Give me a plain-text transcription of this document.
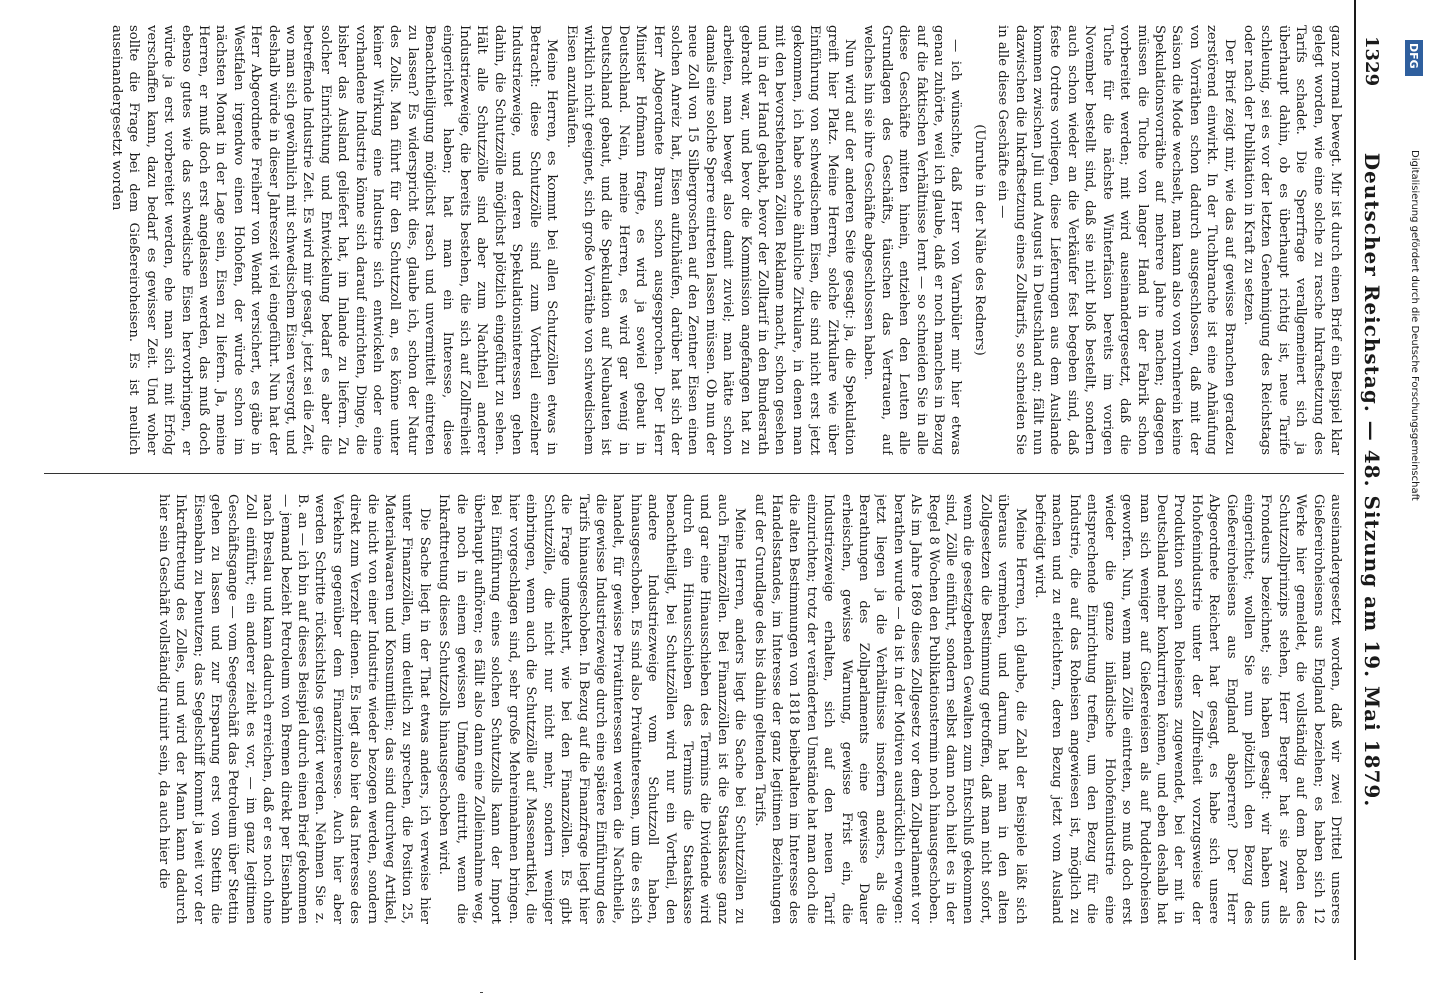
1329
Deutscher Reichstag. — 48. Sitzung am 19. Mai 1879.

ganz normal bewegt. Mir ist durch einen Brief ein Beispiel klar gelegt worden, wie eine solche zu rasche Inkraftsetzung des Tarifs schadet. Die Sperrfrage verallgemeinert sich ja überhaupt dahin, ob es überhaupt richtig ist, neue Tarife schleunig, sei es vor der letzten Genehmigung des Reichstags oder nach der Publikation in Kraft zu setzen.

Der Brief zeigt mir, wie das auf gewisse Branchen geradezu zerstörend einwirkt. In der Tuchbranche ist eine Anhäufung von Vorräthen schon dadurch ausgeschlossen, daß mit der Saison die Mode wechselt, man kann also von vornherein keine Spekulationsvorräthe auf mehrere Jahre machen; dagegen müssen die Tuche von langer Hand in der Fabrik schon vorbereitet werden; mit wird auseinandergesetzt, daß die Tuche für die nächste Winterfaison bereits im vorigen November bestellt sind, daß sie nicht bloß bestellt, sondern auch schon wieder an die Verkäufer fest begeben sind, daß feste Ordres vorliegen, diese Lieferungen aus dem Auslande kommen zwischen Juli und August in Deutschland an; fällt nun dazwischen die Inkraftsetzung eines Zolltarifs, so schneiden Sie in alle diese Geschäfte ein —

(Unruhe in der Nähe des Redners)

— ich wünschte, daß Herr von Varnbüler mir hier etwas genau zuhörte, weil ich glaube, daß er noch manches in Bezug auf die faktischen Verhältnisse lernt — so schneiden Sie in alle diese Geschäfte mitten hinein, entziehen den Leuten alle Grundlagen des Geschäfts, täuschen das Vertrauen, auf welches hin sie ihre Geschäfte abgeschlossen haben.

Nun wird auf der anderen Seite gesagt: ja, die Spekulation greift hier Platz. Meine Herren, solche Zirkulare wie über Einführung von schwedischem Eisen, die sind nicht erst jetzt gekommen, ich habe solche ähnliche Zirkulare, in denen man mit den bevorstehenden Zöllen Reklame macht, schon gesehen und in der Hand gehabt, bevor der Zolltarif in den Bundesrath gebracht war, und bevor die Kommission angefangen hat zu arbeiten, man bewegt also damit zuviel; man hätte schon damals eine solche Sperre eintreten lassen müssen. Ob nun der neue Zoll von 15 Silbergroschen auf den Zentner Eisen einen solchen Anreiz hat, Eisen aufzuhäufen, darüber hat sich der Herr Abgeordnete Braun schon ausgesprochen. Der Herr Minister Hofmann fragte, es wird ja sowiel gebaut in Deutschland. Nein, meine Herren, es wird gar wenig in Deutschland gebaut, und die Spekulation auf Neubauten ist wirklich nicht geeignet, sich große Vorräthe von schwedischem Eisen anzuhäufen.

Meine Herren, es kommt bei allen Schutzzöllen etwas in Betracht: diese Schutzzölle sind zum Vortheil einzelner Industriezweige, und deren Spekulationsinteressen gehen dahin, die Schutzzölle möglichst plötzlich eingeführt zu sehen. Hält alle Schutzzölle sind aber zum Nachtheil anderer Industriezweige, die bereits bestehen, die sich auf Zollfreiheit eingerichtet haben; hat man ein Interesse, diese Benachtheiligung möglichst rasch und unvermittelt eintreten zu lassen? Es widerspricht dies, glaube ich, schon der Natur des Zolls. Man führt für den Schutzzoll an, es könne unter keiner Wirkung eine Industrie sich entwickeln oder eine vorhandene Industrie könne sich darauf einrichten, Dinge, die bisher das Ausland geliefert hat, im Inlande zu liefern. Zu solcher Einrichtung und Entwickelung bedarf es aber die betreffende Industrie Zeit. Es wird mir gesagt, jetzt sei die Zeit, wo man sich gewöhnlich mit schwedischem Eisen versorgt, und deshalb würde in dieser Jahreszeit viel eingeführt. Nun hat der Herr Abgeordnete Freiherr von Wendt versichert, es gäbe in Westfalen irgendwo einen Hohofen, der würde schon im nächsten Monat in der Lage sein, Eisen zu liefern. Ja, meine Herren, er muß doch erst angelassen werden, das muß doch ebenso gutes wie das schwedische Eisen hervorbringen, er würde ja erst vorbereitet werden, ehe man sich mit Erfolg verschaffen kann, dazu bedarf es gewisser Zeit. Und woher sollte die Frage bei dem Gießereiroheisen. Es ist neulich auseinandergesetzt worden

auseinandergesetzt worden, daß wir zwei Drittel unseres Gießereiroheisens aus England beziehen; es haben sich 12 Werke hier gemeldet, die vollständig auf dem Boden des Schutzzollprinzips stehen, Herr Berger hat sie zwar als Frondeurs bezeichnet; sie haben gesagt: wir haben uns eingerichtet; wollen Sie nun plötzlich den Bezug des Gießereiroheisens aus England absperren? Der Herr Abgeordnete Reichert hat gesagt, es habe sich unsere Hohofenindustrie unter der Zollfreiheit vorzugsweise der Produktion solchen Roheisens zugewendet, bei der mit in Deutschland mehr konkurriren können, und eben deshalb hat man sich weniger auf Gießereieisen als auf Puddelroheisen geworfen. Nun, wenn man Zölle eintreten, so muß doch erst wieder die ganze inländische Hohofenindustrie eine entsprechende Einrichtung treffen, um den Bezug für die Industrie, die auf das Roheisen angewiesen ist, möglich zu machen und zu erleichtern, deren Bezug jetzt vom Ausland befriedigt wird.

Meine Herren, ich glaube, die Zahl der Beispiele läßt sich überaus vermehren, und darum hat man in den alten Zollgesetzen die Bestimmung getroffen, daß man nicht sofort, wenn die gesetzgebenden Gewalten zum Entschluß gekommen sind, Zölle einführt, sondern selbst dann noch hielt es in der Regel 8 Wochen den Publikationstermin noch hinausgeschoben. Als im Jahre 1869 dieses Zollgesetz vor dem Zollparlament vor berathen wurde — da ist in der Motiven ausdrücklich erwogen: jetzt liegen ja die Verhältnisse insofern anders, als die Berathungen des Zollparlaments eine gewisse Dauer erheischen, gewisse Warnung, gewisse Frist ein, die Industriezweige erhalten, sich auf den neuen Tarif einzurichten; trotz der veränderten Umstände hat man doch die die alten Bestimmungen von 1818 beibehalten im Interesse des Handelsstandes, im Interesse der ganz legitimen Beziehungen auf der Grundlage des bis dahin geltenden Tarifs.

Meine Herren, anders liegt die Sache bei Schutzzöllen zu auch Finanzzöllen. Bei Finanzzöllen ist die Staatskasse ganz und gar eine Hinausschieben des Termins die Dividende wird durch ein Hinausschieben des Termins die Staatskasse benachtheiligt, bei Schutzzöllen wird nur ein Vortheil, den andere Industriezweige vom Schutzzoll haben, hinausgeschoben. Es sind also Privatinteressen, um die es sich handelt, für gewisse Privatinteressen werden die Nachtheile, die gewisse Industriezweige durch eine spätere Einführung des Tarifs hinausgeschoben. In Bezug auf die Finanzfrage liegt hier die Frage umgekehrt, wie bei den Finanzzöllen. Es gibt Schutzzölle, die nicht nur nicht mehr, sondern weniger einbringen, wenn auch die Schutzzölle auf Massenartikel, die hier vorgeschlagen sind, sehr große Mehreinnahmen bringen. Bei Einführung eines solchen Schutzzolls kann der Import überhaupt aufhören; es fällt also dann eine Zolleinnahme weg, die noch in einem gewissen Umfange eintritt, wenn die Inkrafttretung dieses Schutzzolls hinausgeschoben wird.

Die Sache liegt in der That etwas anders, ich verweise hier unter Finanzzöllen, um deutlich zu sprechen, die Position 25, Materialwaaren und Konsumtilien; das sind durchweg Artikel, die nicht von einer Industrie wieder bezogen werden, sondern direkt zum Verzehr dienen. Es liegt also hier das Interesse des Verkehrs gegenüber dem Finanzinteresse. Auch hier aber werden Schritte rücksichtslos gestört werden. Nehmen Sie z. B. an — ich bin auf dieses Beispiel durch einen Brief gekommen — jemand bezieht Petroleum von Bremen direkt per Eisenbahn nach Breslau und kann dadurch erreichen, daß er es noch ohne Zoll einführt; ein anderer zieht es vor, — im ganz legitimen Geschäftsgange — vom Seegeschäft das Petroleum über Stettin gehen zu lassen und zur Ersparung erst von Stettin die Eisenbahn zu benutzen; das Segelschiff kommt ja weit vor der Inkrafttretung des Zolles, und wird der Mann kann dadurch hier sein Geschäft vollständig ruinirt sein, da auch hier die

DFG
Digitalisierung gefördert durch die Deutsche Forschungsgemeinschaft
